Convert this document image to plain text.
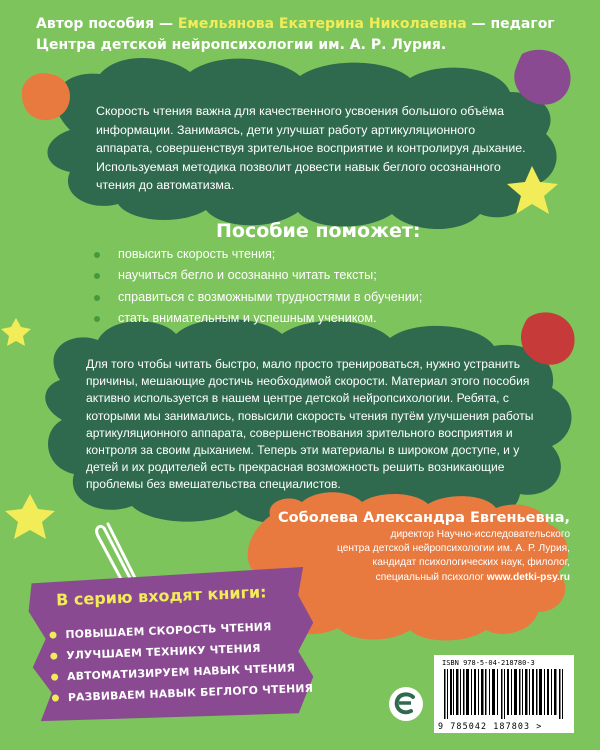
Автор пособия — Емельянова Екатерина Николаевна — педагог Центра детской нейропсихологии им. А. Р. Лурия.

Скорость чтения важна для качественного усвоения большого объёма информации. Занимаясь, дети улучшат работу артикуляционного аппарата, совершенствуя зрительное восприятие и контролируя дыхание. Используемая методика позволит довести навык беглого осознанного чтения до автоматизма.

Пособие поможет:
повысить скорость чтения;
научиться бегло и осознанно читать тексты;
справиться с возможными трудностями в обучении;
стать внимательным и успешным учеником.

Для того чтобы читать быстро, мало просто тренироваться, нужно устранить причины, мешающие достичь необходимой скорости. Материал этого пособия активно используется в нашем центре детской нейропсихологии. Ребята, с которыми мы занимались, повысили скорость чтения путём улучшения работы артикуляционного аппарата, совершенствования зрительного восприятия и контроля за своим дыханием. Теперь эти материалы в широком доступе, и у детей и их родителей есть прекрасная возможность решить возникающие проблемы без вмешательства специалистов.

Соболева Александра Евгеньевна,
директор Научно-исследовательского
центра детской нейропсихологии им. А. Р. Лурия,
кандидат психологических наук, филолог,
специальный психолог www.detki-psy.ru
В серию входят книги:
ПОВЫШАЕМ СКОРОСТЬ ЧТЕНИЯ
УЛУЧШАЕМ ТЕХНИКУ ЧТЕНИЯ
АВТОМАТИЗИРУЕМ НАВЫК ЧТЕНИЯ
РАЗВИВАЕМ НАВЫК БЕГЛОГО ЧТЕНИЯ
ISBN 978-5-04-218780-3
9 785042 187803 >
